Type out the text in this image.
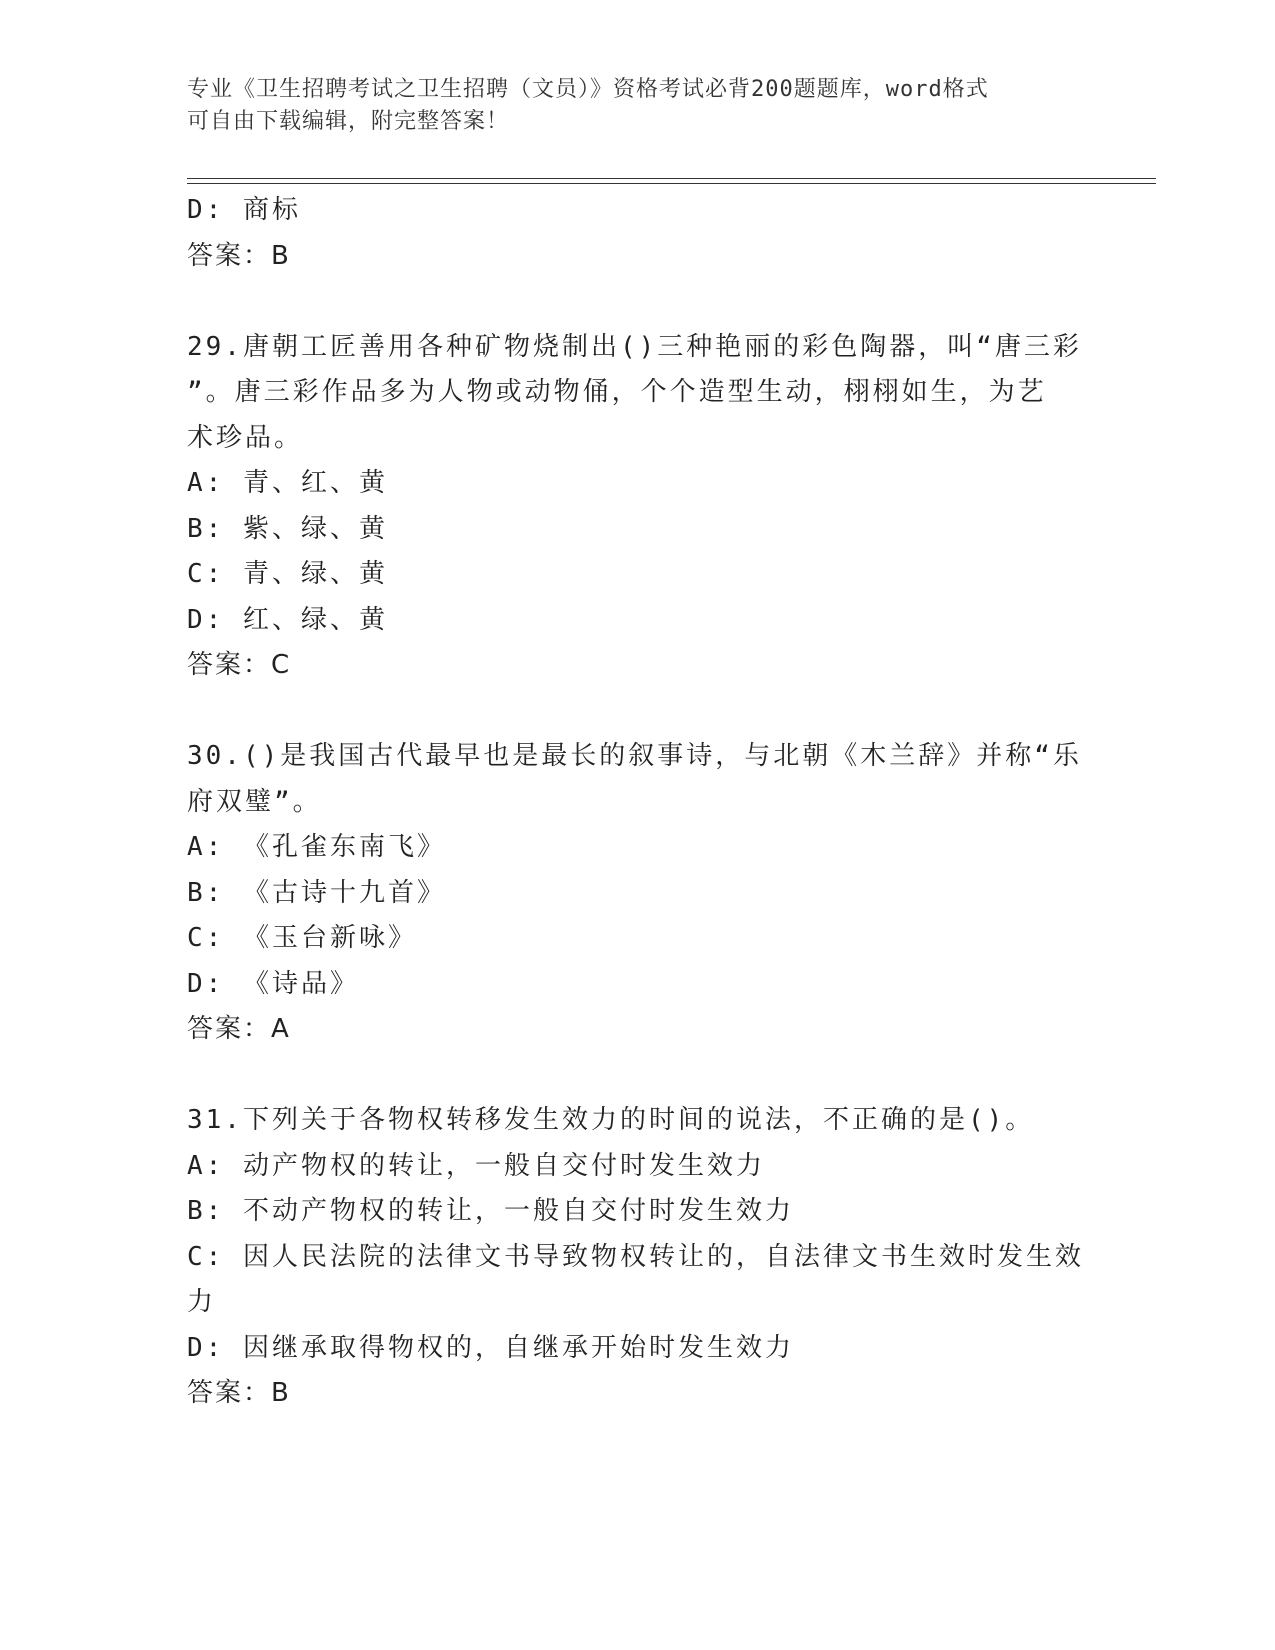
专业《卫生招聘考试之卫生招聘（文员）》资格考试必背200题题库，word格式
可自由下载编辑，附完整答案！
D: 商标
答案：B
29.唐朝工匠善用各种矿物烧制出()三种艳丽的彩色陶器，叫“唐三彩
”。唐三彩作品多为人物或动物俑，个个造型生动，栩栩如生，为艺
术珍品。
A: 青、红、黄
B: 紫、绿、黄
C: 青、绿、黄
D: 红、绿、黄
答案：C
30.()是我国古代最早也是最长的叙事诗，与北朝《木兰辞》并称“乐
府双璧”。
A: 《孔雀东南飞》
B: 《古诗十九首》
C: 《玉台新咏》
D: 《诗品》
答案：A
31.下列关于各物权转移发生效力的时间的说法，不正确的是()。
A: 动产物权的转让，一般自交付时发生效力
B: 不动产物权的转让，一般自交付时发生效力
C: 因人民法院的法律文书导致物权转让的，自法律文书生效时发生效
力
D: 因继承取得物权的，自继承开始时发生效力
答案：B
